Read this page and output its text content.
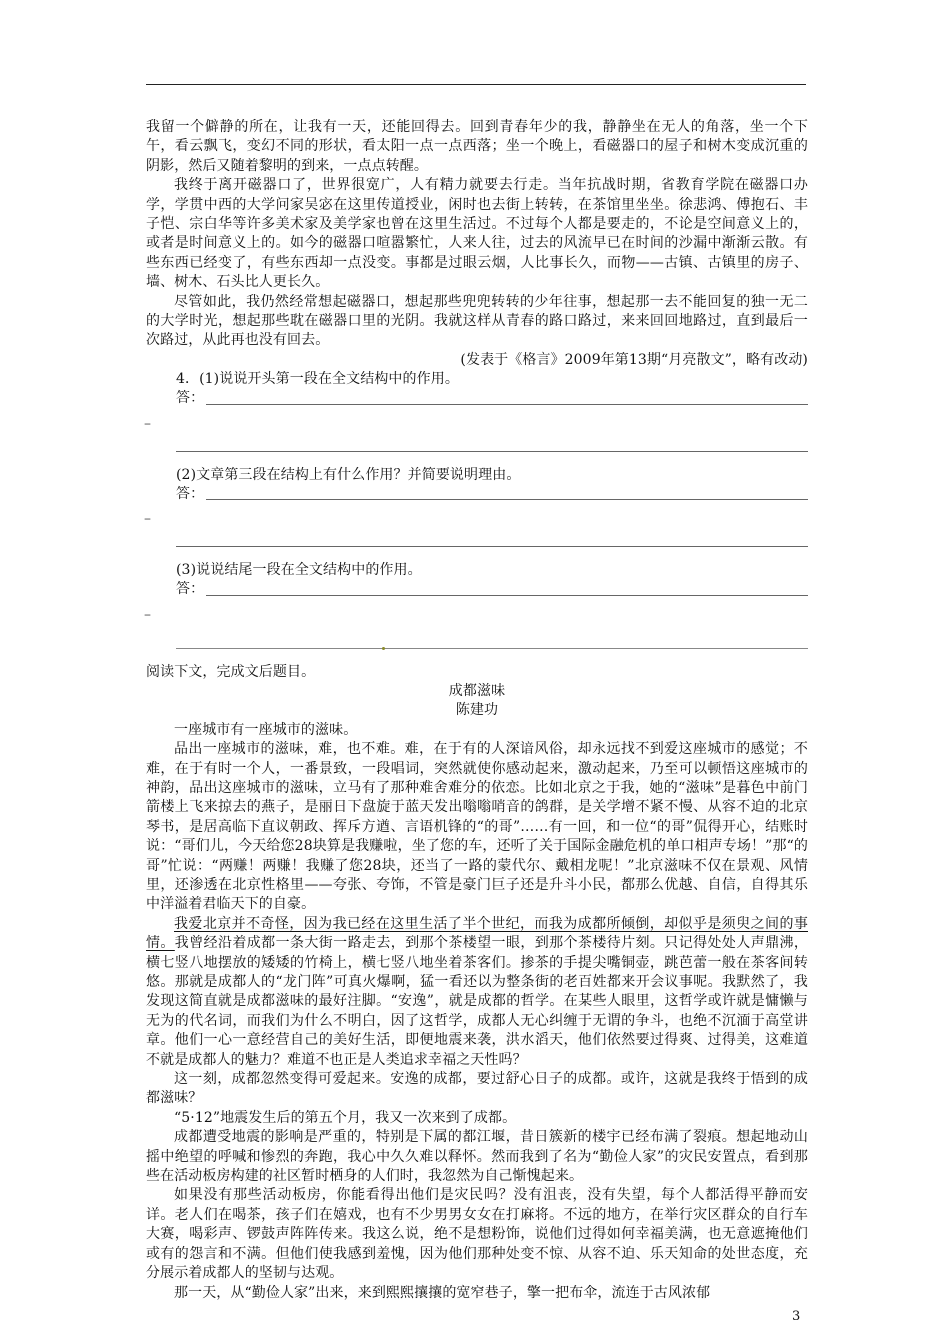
我留一个僻静的所在，让我有一天，还能回得去。回到青春年少的我，静静坐在无人的角落，坐一个下午，看云飘飞，变幻不同的形状，看太阳一点一点西落；坐一个晚上，看磁器口的屋子和树木变成沉重的阴影，然后又随着黎明的到来，一点点转醒。

我终于离开磁器口了，世界很宽广，人有精力就要去行走。当年抗战时期，省教育学院在磁器口办学，学贯中西的大学问家吴宓在这里传道授业，闲时也去街上转转，在茶馆里坐坐。徐悲鸿、傅抱石、丰子恺、宗白华等许多美术家及美学家也曾在这里生活过。不过每个人都是要走的，不论是空间意义上的，或者是时间意义上的。如今的磁器口喧嚣繁忙，人来人往，过去的风流早已在时间的沙漏中渐渐云散。有些东西已经变了，有些东西却一点没变。事都是过眼云烟，人比事长久，而物——古镇、古镇里的房子、墙、树木、石头比人更长久。

尽管如此，我仍然经常想起磁器口，想起那些兜兜转转的少年往事，想起那一去不能回复的独一无二的大学时光，想起那些耽在磁器口里的光阴。我就这样从青春的路口路过，来来回回地路过，直到最后一次路过，从此再也没有回去。

(发表于《格言》2009年第13期“月亮散文”，略有改动)

4．(1)说说开头第一段在全文结构中的作用。

答：
–

(2)文章第三段在结构上有什么作用？并简要说明理由。

答：
–

(3)说说结尾一段在全文结构中的作用。

答：
–

阅读下文，完成文后题目。

成都滋味

陈建功

一座城市有一座城市的滋味。

品出一座城市的滋味，难，也不难。难，在于有的人深谙风俗，却永远找不到爱这座城市的感觉；不难，在于有时一个人，一番景致，一段唱词，突然就使你感动起来，激动起来，乃至可以顿悟这座城市的神韵，品出这座城市的滋味，立马有了那种难舍难分的依恋。比如北京之于我，她的“滋味”是暮色中前门箭楼上飞来掠去的燕子，是丽日下盘旋于蓝天发出嗡嗡哨音的鸽群，是关学增不紧不慢、从容不迫的北京琴书，是居高临下直议朝政、挥斥方遒、言语机锋的“的哥”……有一回，和一位“的哥”侃得开心，结账时说：“哥们儿，今天给您28块算是我赚啦，坐了您的车，还听了关于国际金融危机的单口相声专场！”那“的哥”忙说：“两赚！两赚！我赚了您28块，还当了一路的蒙代尔、戴相龙呢！”北京滋味不仅在景观、风情里，还渗透在北京性格里——夸张、夸饰，不管是豪门巨子还是升斗小民，都那么优越、自信，自得其乐中洋溢着君临天下的自豪。

我爱北京并不奇怪，因为我已经在这里生活了半个世纪，而我为成都所倾倒，却似乎是须臾之间的事情。我曾经沿着成都一条大街一路走去，到那个茶楼望一眼，到那个茶楼待片刻。只记得处处人声鼎沸，横七竖八地摆放的矮矮的竹椅上，横七竖八地坐着茶客们。掺茶的手提尖嘴铜壶，跳芭蕾一般在茶客间转悠。那就是成都人的“龙门阵”可真火爆啊，猛一看还以为整条街的老百姓都来开会议事呢。我默然了，我发现这简直就是成都滋味的最好注脚。“安逸”，就是成都的哲学。在某些人眼里，这哲学或许就是慵懒与无为的代名词，而我们为什么不明白，因了这哲学，成都人无心纠缠于无谓的争斗，也绝不沉湎于高堂讲章。他们一心一意经营自己的美好生活，即便地震来袭，洪水滔天，他们依然要过得爽、过得美，这难道不就是成都人的魅力？难道不也正是人类追求幸福之天性吗？

这一刻，成都忽然变得可爱起来。安逸的成都，要过舒心日子的成都。或许，这就是我终于悟到的成都滋味？

“5·12”地震发生后的第五个月，我又一次来到了成都。

成都遭受地震的影响是严重的，特别是下属的都江堰，昔日簇新的楼宇已经布满了裂痕。想起地动山摇中绝望的呼喊和惨烈的奔跑，我心中久久难以释怀。然而我到了名为“勤俭人家”的灾民安置点，看到那些在活动板房构建的社区暂时栖身的人们时，我忽然为自己惭愧起来。

如果没有那些活动板房，你能看得出他们是灾民吗？没有沮丧，没有失望，每个人都活得平静而安详。老人们在喝茶，孩子们在嬉戏，也有不少男男女女在打麻将。不远的地方，在举行灾区群众的自行车大赛，喝彩声、锣鼓声阵阵传来。我这么说，绝不是想粉饰，说他们过得如何幸福美满，也无意遮掩他们或有的怨言和不满。但他们使我感到羞愧，因为他们那种处变不惊、从容不迫、乐天知命的处世态度，充分展示着成都人的坚韧与达观。

那一天，从“勤俭人家”出来，来到熙熙攘攘的宽窄巷子，擎一把布伞，流连于古风浓郁

3
